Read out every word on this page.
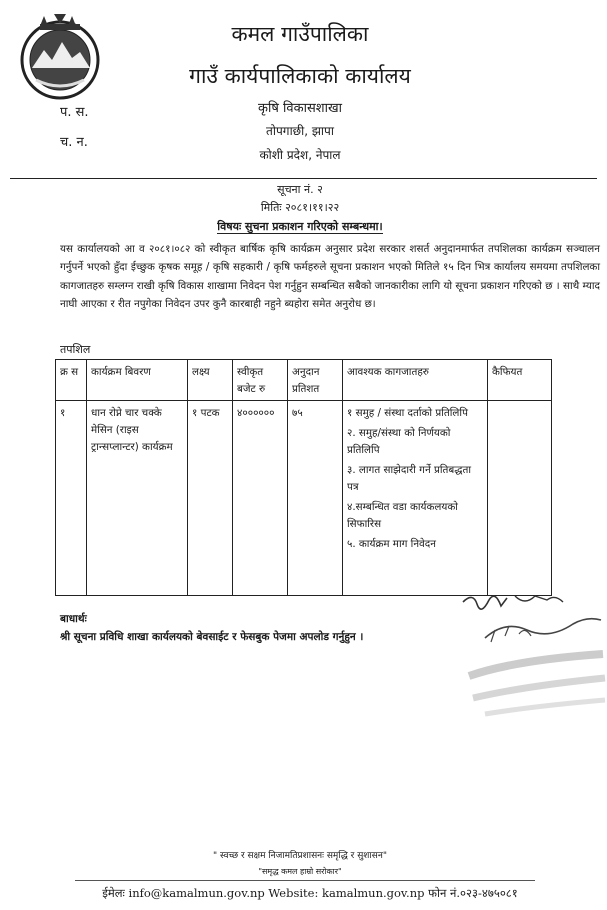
कमल गाउँपालिका
गाउँ कार्यपालिकाको कार्यालय
कृषि विकासशाखा
तोपगाछी, झापा
कोशी प्रदेश, नेपाल
प. स.
च. न.
सूचना नं. २
मितिः २०८१।११।२२
विषयः सुचना प्रकाशन गरिएको सम्बन्धमा।
यस कार्यालयको आ व २०८१।०८२ को स्वीकृत बार्षिक कृषि कार्यक्रम अनुसार प्रदेश सरकार शसर्त अनुदानमार्फत तपशिलका कार्यक्रम सञ्चालन गर्नुपर्ने भएको हुँदा ईच्छुक कृषक समूह / कृषि सहकारी / कृषि फर्महरुले सूचना प्रकाशन भएको मितिले १५ दिन भित्र कार्यालय समयमा तपशिलका कागजातहरु सम्लग्न राखी कृषि विकास शाखामा निवेदन पेश गर्नुहुन सम्बन्धित सबैको जानकारीका लागि यो सूचना प्रकाशन गरिएको छ । साथै म्याद नाघी आएका र रीत नपुगेका निवेदन उपर कुनै कारबाही नहुने ब्यहोरा समेत अनुरोध छ।
तपशिल
क्र स	कार्यक्रम बिवरण	लक्ष्य	स्वीकृत बजेट रु	अनुदान प्रतिशत	आवश्यक कागजातहरु	कैफियत
१	धान रोप्ने चार चक्के मेसिन (राइस ट्रान्सप्लान्टर) कार्यक्रम	१ पटक	४००००००	७५	१ समुह / संस्था दर्ताको प्रतिलिपि
२. समुह/संस्था को निर्णयको प्रतिलिपि
३. लागत साझेदारी गर्ने प्रतिबद्धता पत्र
४.सम्बन्धित वडा कार्यकलयको सिफारिस
५. कार्यक्रम माग निवेदन	

बाधार्थः
श्री सूचना प्रविधि शाखा कार्यलयको बेवसाईट र फेसबुक पेजमा अपलोड गर्नुहुन ।
" स्वच्छ र सक्षम निजामतिप्रशासनः समृद्धि र सुशासन"
"समृद्ध कमल हाम्रो सरोकार"
ईमेलः info@kamalmun.gov.np Website: kamalmun.gov.np फोन नं.०२३-४७५०८१
